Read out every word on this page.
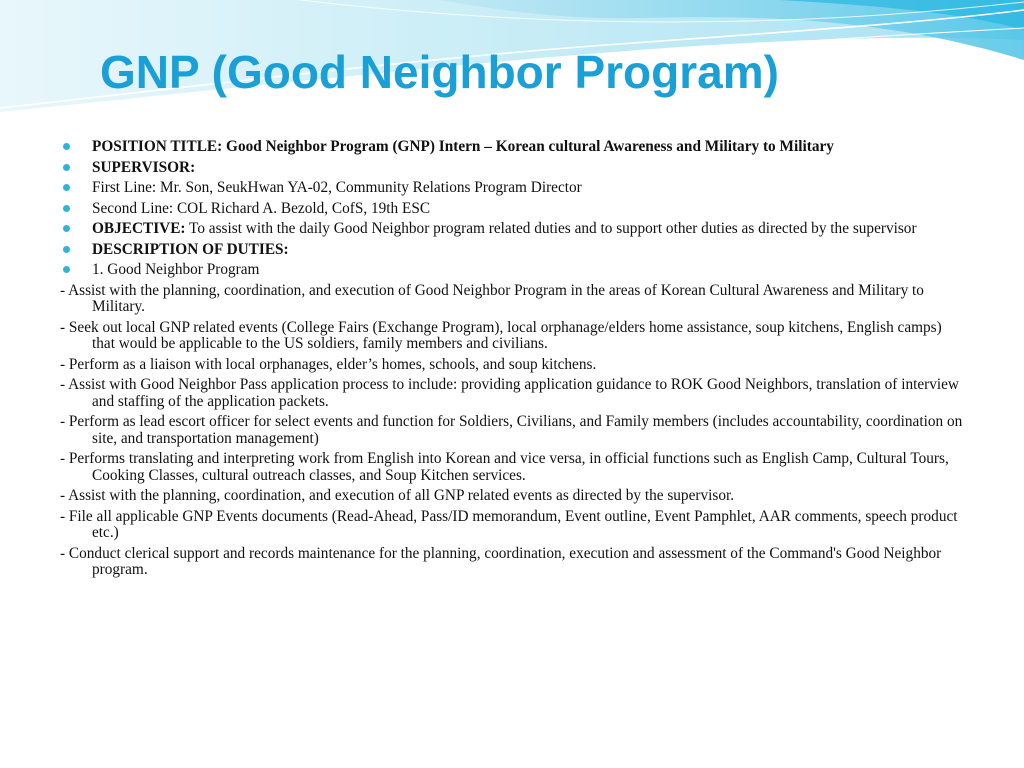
GNP (Good Neighbor Program)
POSITION TITLE: Good Neighbor Program (GNP) Intern – Korean cultural Awareness and Military to Military
SUPERVISOR:
First Line: Mr. Son, SeukHwan YA-02, Community Relations Program Director
Second Line: COL Richard A. Bezold, CofS, 19th ESC
OBJECTIVE: To assist with the daily Good Neighbor program related duties and to support other duties as directed by the supervisor
DESCRIPTION OF DUTIES:
1. Good Neighbor Program
- Assist with the planning, coordination, and execution of Good Neighbor Program in the areas of Korean Cultural Awareness and Military to Military.
- Seek out local GNP related events (College Fairs (Exchange Program), local orphanage/elders home assistance, soup kitchens, English camps) that would be applicable to the US soldiers, family members and civilians.
- Perform as a liaison with local orphanages, elder’s homes, schools, and soup kitchens.
- Assist with Good Neighbor Pass application process to include: providing application guidance to ROK Good Neighbors, translation of interview and staffing of the application packets.
- Perform as lead escort officer for select events and function for Soldiers, Civilians, and Family members (includes accountability, coordination on site, and transportation management)
- Performs translating and interpreting work from English into Korean and vice versa, in official functions such as English Camp, Cultural Tours, Cooking Classes, cultural outreach classes, and Soup Kitchen services.
- Assist with the planning, coordination, and execution of all GNP related events as directed by the supervisor.
- File all applicable GNP Events documents (Read-Ahead, Pass/ID memorandum, Event outline, Event Pamphlet, AAR comments, speech product etc.)
- Conduct clerical support and records maintenance for the planning, coordination, execution and assessment of the Command's Good Neighbor program.
